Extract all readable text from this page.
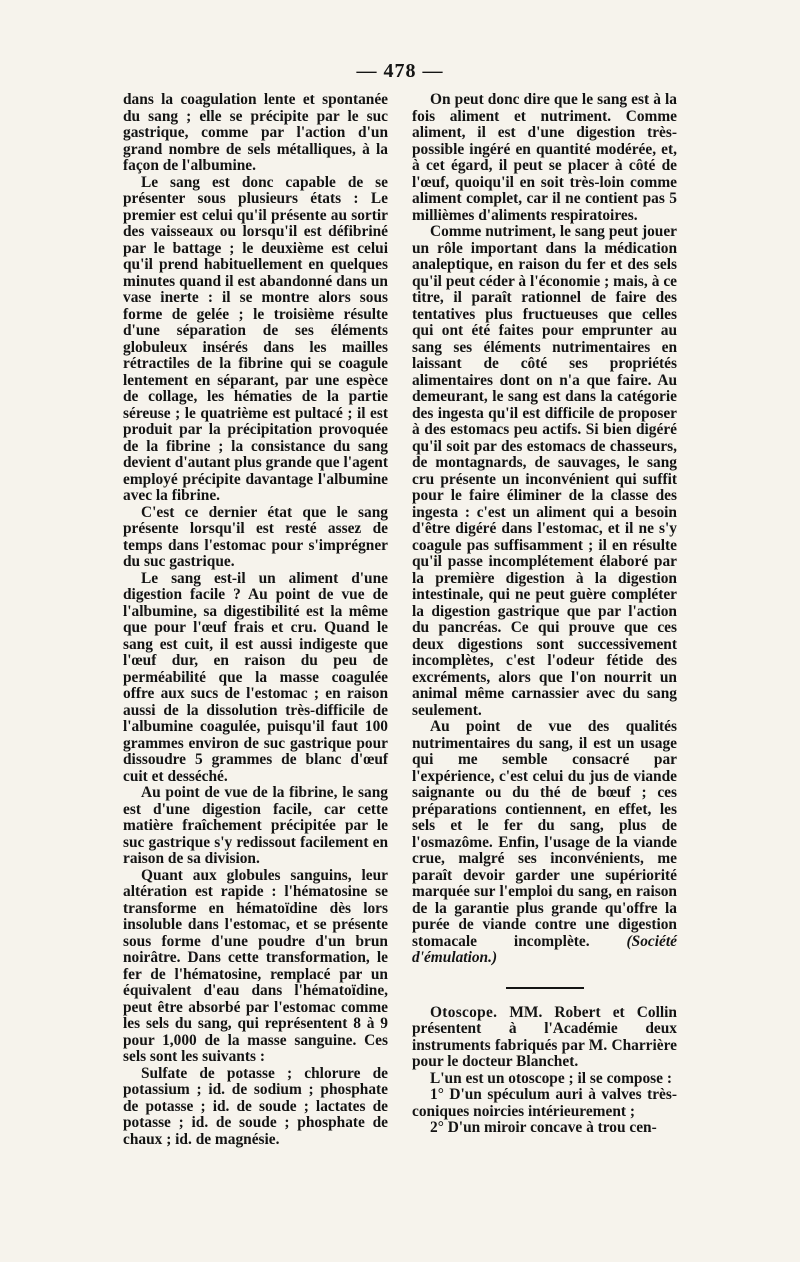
— 478 —

dans la coagulation lente et spontanée du sang ; elle se précipite par le suc gastrique, comme par l'action d'un grand nombre de sels métalliques, à la façon de l'albumine.

Le sang est donc capable de se présenter sous plusieurs états : Le premier est celui qu'il présente au sortir des vaisseaux ou lorsqu'il est défibriné par le battage ; le deuxième est celui qu'il prend habituellement en quelques minutes quand il est abandonné dans un vase inerte : il se montre alors sous forme de gelée ; le troisième résulte d'une séparation de ses éléments globuleux insérés dans les mailles rétractiles de la fibrine qui se coagule lentement en séparant, par une espèce de collage, les hématies de la partie séreuse ; le quatrième est pultacé ; il est produit par la précipitation provoquée de la fibrine ; la consistance du sang devient d'autant plus grande que l'agent employé précipite davantage l'albumine avec la fibrine.

C'est ce dernier état que le sang présente lorsqu'il est resté assez de temps dans l'estomac pour s'imprégner du suc gastrique.

Le sang est-il un aliment d'une digestion facile ? Au point de vue de l'albumine, sa digestibilité est la même que pour l'œuf frais et cru. Quand le sang est cuit, il est aussi indigeste que l'œuf dur, en raison du peu de perméabilité que la masse coagulée offre aux sucs de l'estomac ; en raison aussi de la dissolution très-difficile de l'albumine coagulée, puisqu'il faut 100 grammes environ de suc gastrique pour dissoudre 5 grammes de blanc d'œuf cuit et desséché.

Au point de vue de la fibrine, le sang est d'une digestion facile, car cette matière fraîchement précipitée par le suc gastrique s'y redissout facilement en raison de sa division.

Quant aux globules sanguins, leur altération est rapide : l'hématosine se transforme en hématoïdine dès lors insoluble dans l'estomac, et se présente sous forme d'une poudre d'un brun noirâtre. Dans cette transformation, le fer de l'hématosine, remplacé par un équivalent d'eau dans l'hématoïdine, peut être absorbé par l'estomac comme les sels du sang, qui représentent 8 à 9 pour 1,000 de la masse sanguine. Ces sels sont les suivants :

Sulfate de potasse ; chlorure de potassium ; id. de sodium ; phosphate de potasse ; id. de soude ; lactates de potasse ; id. de soude ; phosphate de chaux ; id. de magnésie.

On peut donc dire que le sang est à la fois aliment et nutriment. Comme aliment, il est d'une digestion très-possible ingéré en quantité modérée, et, à cet égard, il peut se placer à côté de l'œuf, quoiqu'il en soit très-loin comme aliment complet, car il ne contient pas 5 millièmes d'aliments respiratoires.

Comme nutriment, le sang peut jouer un rôle important dans la médication analeptique, en raison du fer et des sels qu'il peut céder à l'économie ; mais, à ce titre, il paraît rationnel de faire des tentatives plus fructueuses que celles qui ont été faites pour emprunter au sang ses éléments nutrimentaires en laissant de côté ses propriétés alimentaires dont on n'a que faire. Au demeurant, le sang est dans la catégorie des ingesta qu'il est difficile de proposer à des estomacs peu actifs. Si bien digéré qu'il soit par des estomacs de chasseurs, de montagnards, de sauvages, le sang cru présente un inconvénient qui suffit pour le faire éliminer de la classe des ingesta : c'est un aliment qui a besoin d'être digéré dans l'estomac, et il ne s'y coagule pas suffisamment ; il en résulte qu'il passe incomplétement élaboré par la première digestion à la digestion intestinale, qui ne peut guère compléter la digestion gastrique que par l'action du pancréas. Ce qui prouve que ces deux digestions sont successivement incomplètes, c'est l'odeur fétide des excréments, alors que l'on nourrit un animal même carnassier avec du sang seulement.

Au point de vue des qualités nutrimentaires du sang, il est un usage qui me semble consacré par l'expérience, c'est celui du jus de viande saignante ou du thé de bœuf ; ces préparations contiennent, en effet, les sels et le fer du sang, plus de l'osmazôme. Enfin, l'usage de la viande crue, malgré ses inconvénients, me paraît devoir garder une supériorité marquée sur l'emploi du sang, en raison de la garantie plus grande qu'offre la purée de viande contre une digestion stomacale incomplète. (Société d'émulation.)

Otoscope. MM. Robert et Collin présentent à l'Académie deux instruments fabriqués par M. Charrière pour le docteur Blanchet.

L'un est un otoscope ; il se compose :

1° D'un spéculum auri à valves très-coniques noircies intérieurement ;

2° D'un miroir concave à trou cen-
